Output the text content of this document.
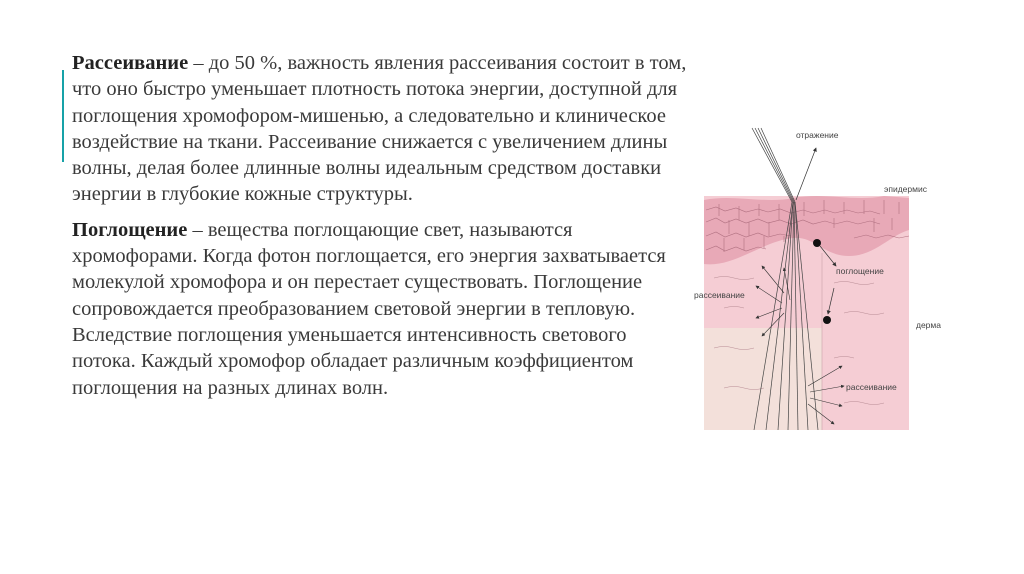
Рассеивание – до 50 %, важность явления рассеивания состоит в том, что оно быстро уменьшает плотность потока энергии, доступной для поглощения хромофором-мишенью, а следовательно и клиническое воздействие на ткани. Рассеивание снижается с увеличением длины волны, делая более длинные волны идеальным средством доставки энергии в глубокие кожные структуры.

Поглощение – вещества поглощающие свет, называются хромофорами. Когда фотон поглощается, его энергия захватывается молекулой хромофора и он перестает существовать. Поглощение сопровождается преобразованием световой энергии в тепловую. Вследствие поглощения уменьшается интенсивность светового потока. Каждый хромофор обладает различным коэффициентом поглощения на разных длинах волн.

отражение
эпидермис
поглощение
дерма
рассеивание
рассеивание
